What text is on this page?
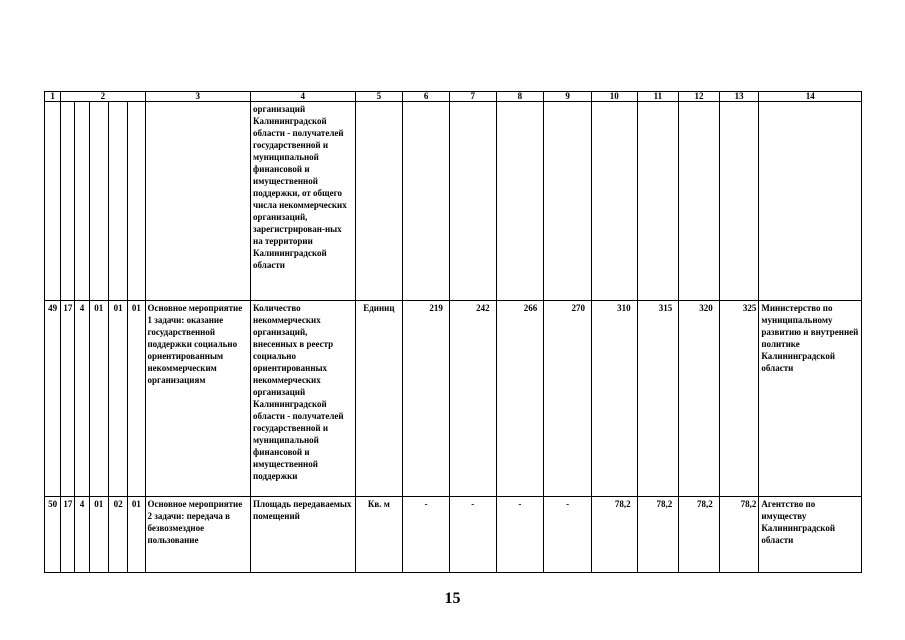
1	2					3	4	5	6	7	8	9	10	11	12	13	14
							организаций Калининградской области - получателей государственной и муниципальной финансовой и имущественной поддержки, от общего числа некоммерческих организаций, зарегистрирован-ных на территории Калининградской области										
49	17	4	01	01	01	Основное мероприятие 1 задачи: оказание государственной поддержки социально ориентированным некоммерческим организациям	Количество некоммерческих организаций, внесенных в реестр социально ориентированных некоммерческих организаций Калининградской области - получателей государственной и муниципальной финансовой и имущественной поддержки	Единиц	219	242	266	270	310	315	320	325	Министерство по муниципальному развитию и внутренней политике Калининградской области
50	17	4	01	02	01	Основное мероприятие 2 задачи: передача в безвозмездное пользование	Площадь передаваемых помещений	Кв. м	-	-	-	-	78,2	78,2	78,2	78,2	Агентство по имуществу Калининградской области
15
